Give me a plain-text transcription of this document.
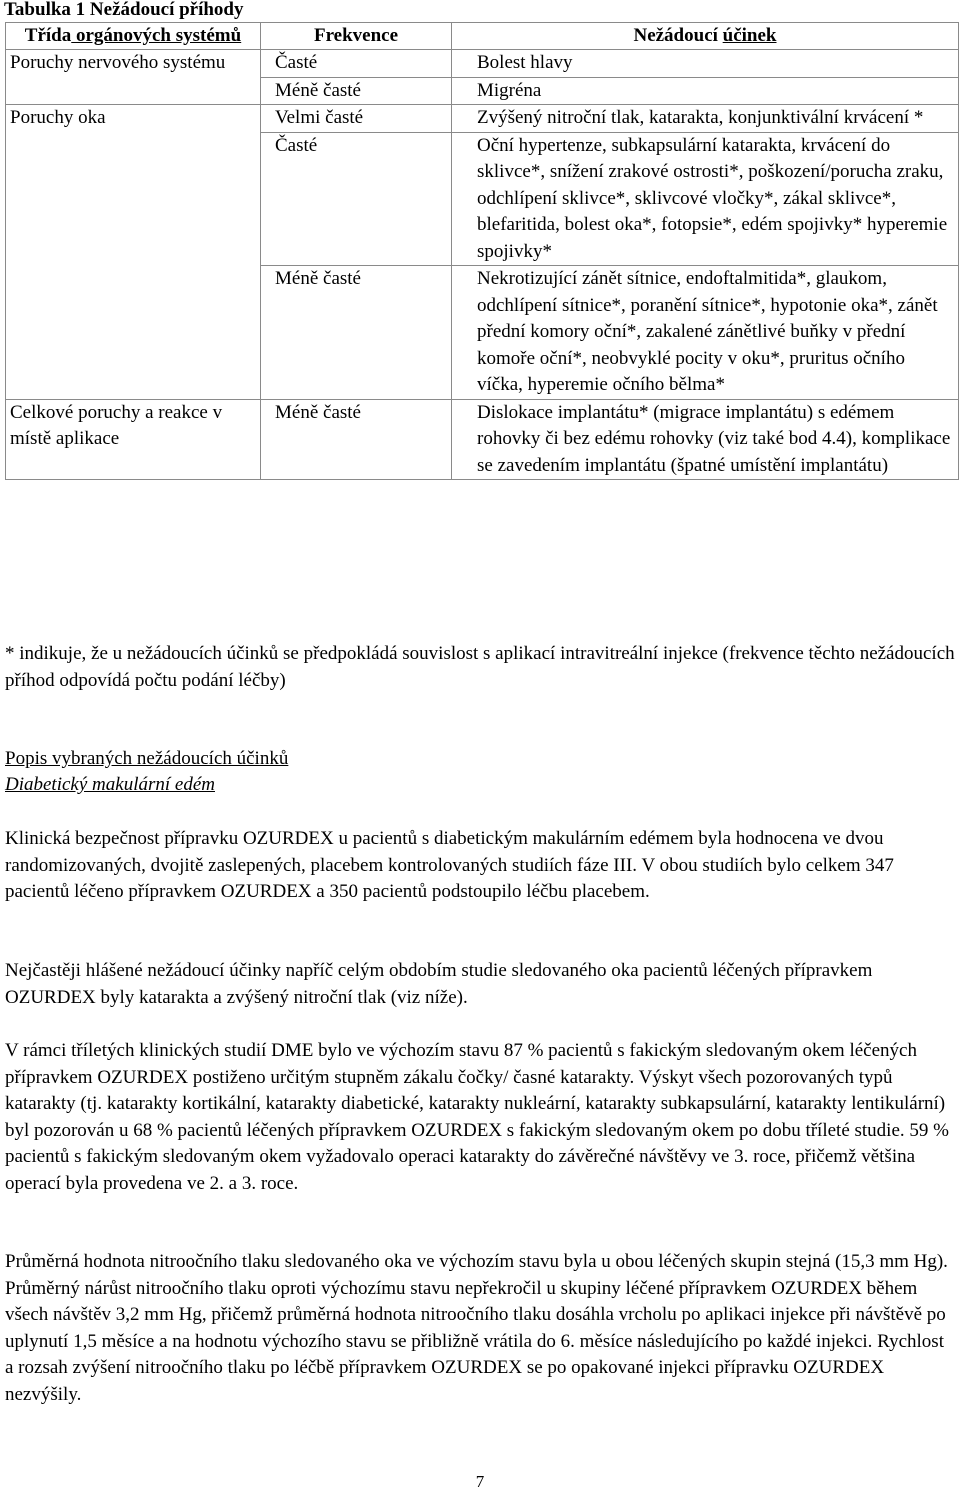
Tabulka 1 Nežádoucí příhody
Třída orgánových systémů	Frekvence	Nežádoucí účinek
Poruchy nervového systému	Časté	Bolest hlavy
	Méně časté	Migréna
Poruchy oka	Velmi časté	Zvýšený nitroční tlak, katarakta, konjunktivální krvácení *
	Časté	Oční hypertenze, subkapsulární katarakta, krvácení do sklivce*, snížení zrakové ostrosti*, poškození/porucha zraku, odchlípení sklivce*, sklivcové vločky*, zákal sklivce*, blefaritida, bolest oka*, fotopsie*, edém spojivky* hyperemie spojivky*
	Méně časté	Nekrotizující zánět sítnice, endoftalmitida*, glaukom, odchlípení sítnice*, poranění sítnice*, hypotonie oka*, zánět přední komory oční*, zakalené zánětlivé buňky v přední komoře oční*, neobvyklé pocity v oku*, pruritus očního víčka, hyperemie očního bělma*
Celkové poruchy a reakce v místě aplikace	Méně časté	Dislokace implantátu* (migrace implantátu) s edémem rohovky či bez edému rohovky (viz také bod 4.4), komplikace se zavedením implantátu (špatné umístění implantátu)
* indikuje, že u nežádoucích účinků se předpokládá souvislost s aplikací intravitreální injekce (frekvence těchto nežádoucích příhod odpovídá počtu podání léčby)
Popis vybraných nežádoucích účinků
Diabetický makulární edém

Klinická bezpečnost přípravku OZURDEX u pacientů s diabetickým makulárním edémem byla hodnocena ve dvou randomizovaných, dvojitě zaslepených, placebem kontrolovaných studiích fáze III. V obou studiích bylo celkem 347 pacientů léčeno přípravkem OZURDEX a 350 pacientů podstoupilo léčbu placebem.

Nejčastěji hlášené nežádoucí účinky napříč celým obdobím studie sledovaného oka pacientů léčených přípravkem OZURDEX byly katarakta a zvýšený nitroční tlak (viz níže).

V rámci tříletých klinických studií DME bylo ve výchozím stavu 87 % pacientů s fakickým sledovaným okem léčených přípravkem OZURDEX postiženo určitým stupněm zákalu čočky/ časné katarakty. Výskyt všech pozorovaných typů katarakty (tj. katarakty kortikální, katarakty diabetické, katarakty nukleární, katarakty subkapsulární, katarakty lentikulární) byl pozorován u 68 % pacientů léčených přípravkem OZURDEX s fakickým sledovaným okem po dobu tříleté studie. 59 % pacientů s fakickým sledovaným okem vyžadovalo operaci katarakty do závěrečné návštěvy ve 3. roce, přičemž většina operací byla provedena ve 2. a 3. roce.

Průměrná hodnota nitroočního tlaku sledovaného oka ve výchozím stavu byla u obou léčených skupin stejná (15,3 mm Hg). Průměrný nárůst nitroočního tlaku oproti výchozímu stavu nepřekročil u skupiny léčené přípravkem OZURDEX během všech návštěv 3,2 mm Hg, přičemž průměrná hodnota nitroočního tlaku dosáhla vrcholu po aplikaci injekce při návštěvě po uplynutí 1,5 měsíce a na hodnotu výchozího stavu se přibližně vrátila do 6. měsíce následujícího po každé injekci. Rychlost a rozsah zvýšení nitroočního tlaku po léčbě přípravkem OZURDEX se po opakované injekci přípravku OZURDEX nezvýšily.

7
